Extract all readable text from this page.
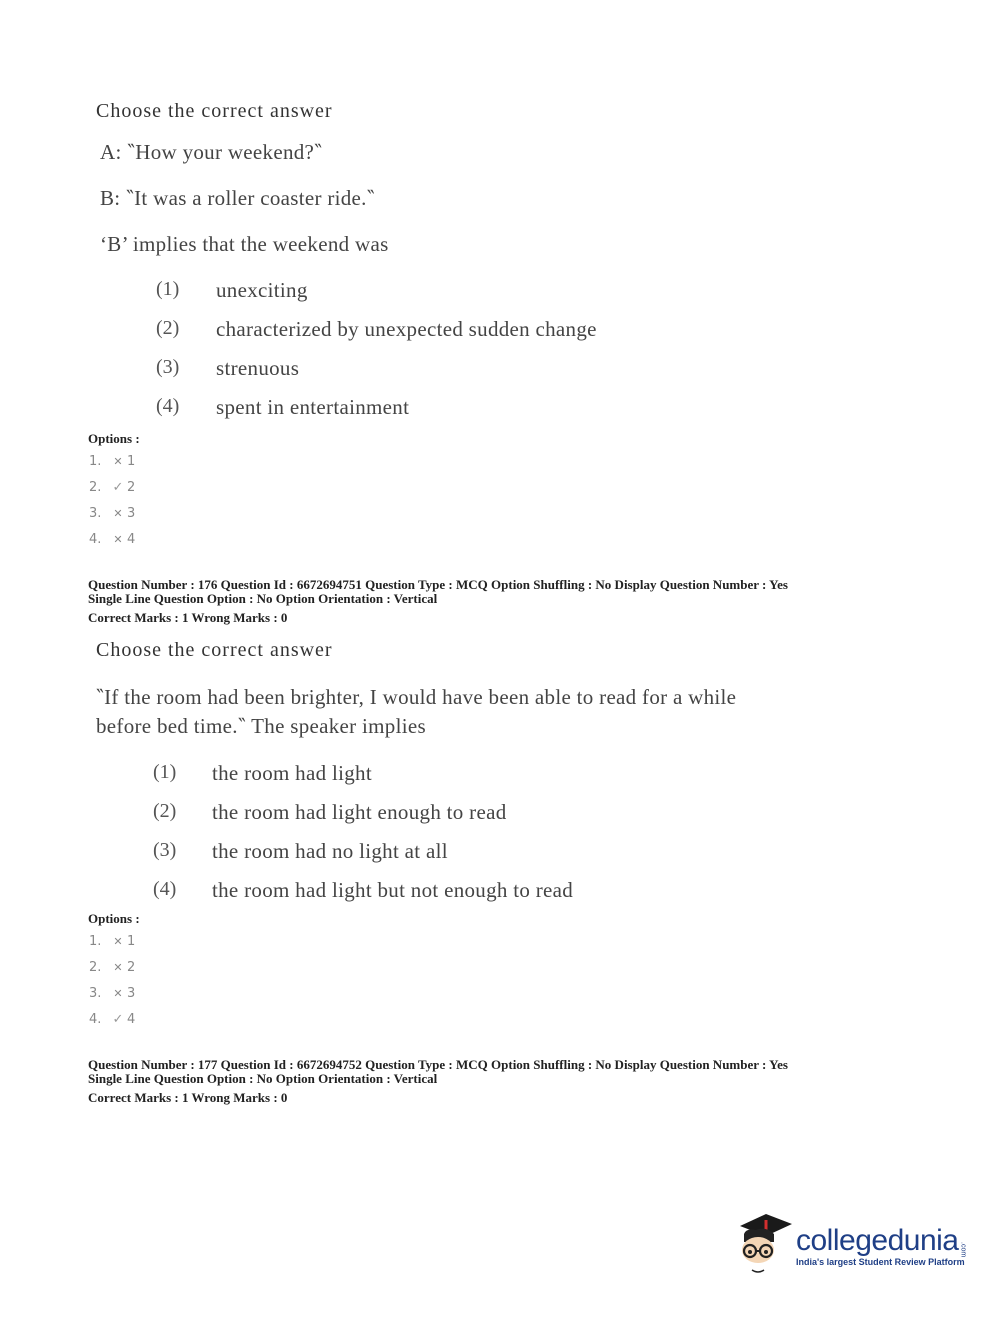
Choose the correct answer
A: ‶How your weekend?‶
B: ‶It was a roller coaster ride.‶
‘B’ implies that the weekend was
(1)	unexciting
(2)	characterized by unexpected sudden change
(3)	strenuous
(4)	spent in entertainment
Options :
1.	✕ 1
2. ✓ 2
3.	✕ 3
4.	✕ 4
Question Number : 176 Question Id : 6672694751 Question Type : MCQ Option Shuffling : No Display Question Number : Yes
Single Line Question Option : No Option Orientation : Vertical
Correct Marks : 1 Wrong Marks : 0
Choose the correct answer
‶If the room had been brighter, I would have been able to read for a while
before bed time.‶ The speaker implies
(1)	the room had light
(2)	the room had light enough to read
(3)	the room had no light at all
(4)	the room had light but not enough to read
Options :
1.	✕ 1
2.	✕ 2
3.	✕ 3
4. ✓ 4
Question Number : 177 Question Id : 6672694752 Question Type : MCQ Option Shuffling : No Display Question Number : Yes
Single Line Question Option : No Option Orientation : Vertical
Correct Marks : 1 Wrong Marks : 0
collegedunia .com
India's largest Student Review Platform
